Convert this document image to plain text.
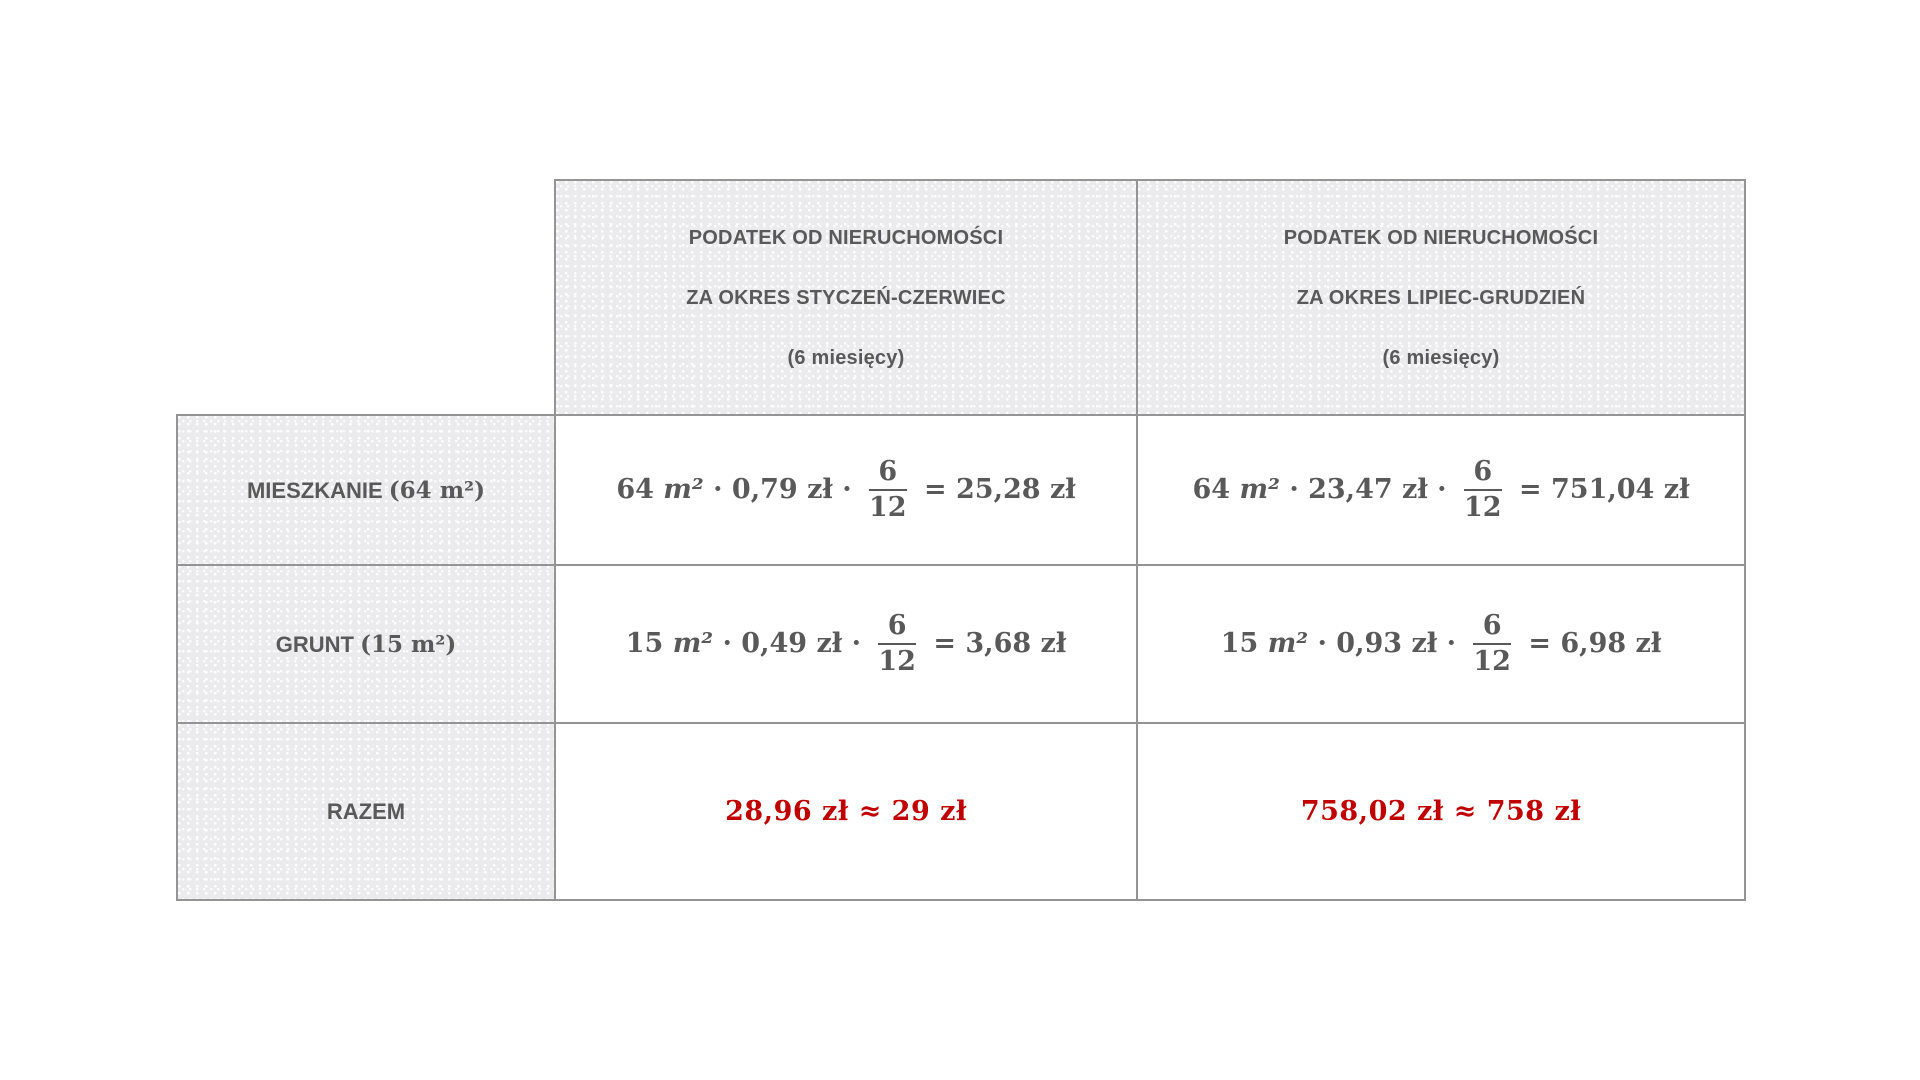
PODATEK OD NIERUCHOMOŚCI
ZA OKRES STYCZEŃ-CZERWIEC
(6 miesięcy)

PODATEK OD NIERUCHOMOŚCI
ZA OKRES LIPIEC-GRUDZIEŃ
(6 miesięcy)

MIESZKANIE (64 m²)	64 m² · 0,79 zł · $\frac{6}{12} = 25,28$ zł	64 m² · 23,47 zł · $\frac{6}{12} = 751,04$ zł
GRUNT (15 m²)	15 m² · 0,49 zł · $\frac{6}{12} = 3,68$ zł	15 m² · 0,93 zł · $\frac{6}{12} = 6,98$ zł
RAZEM	28,96 zł ≈ 29 zł	758,02 zł ≈ 758 zł
